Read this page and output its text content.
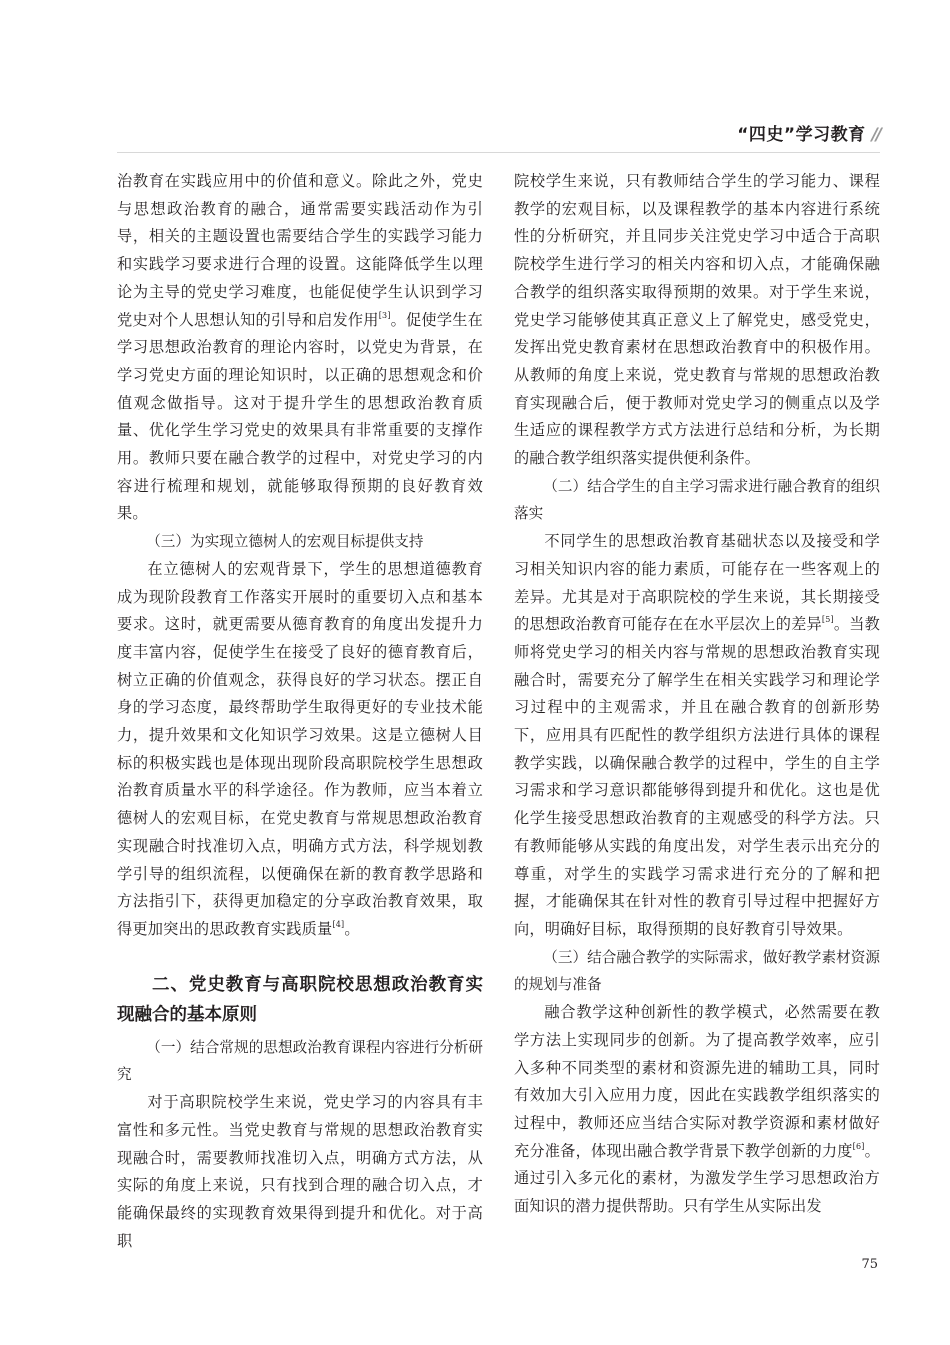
“四史”学习教育 //

治教育在实践应用中的价值和意义。除此之外，党史与思想政治教育的融合，通常需要实践活动作为引导，相关的主题设置也需要结合学生的实践学习能力和实践学习要求进行合理的设置。这能降低学生以理论为主导的党史学习难度，也能促使学生认识到学习党史对个人思想认知的引导和启发作用[3]。促使学生在学习思想政治教育的理论内容时，以党史为背景，在学习党史方面的理论知识时，以正确的思想观念和价值观念做指导。这对于提升学生的思想政治教育质量、优化学生学习党史的效果具有非常重要的支撑作用。教师只要在融合教学的过程中，对党史学习的内容进行梳理和规划，就能够取得预期的良好教育效果。

（三）为实现立德树人的宏观目标提供支持

在立德树人的宏观背景下，学生的思想道德教育成为现阶段教育工作落实开展时的重要切入点和基本要求。这时，就更需要从德育教育的角度出发提升力度丰富内容，促使学生在接受了良好的德育教育后，树立正确的价值观念，获得良好的学习状态。摆正自身的学习态度，最终帮助学生取得更好的专业技术能力，提升效果和文化知识学习效果。这是立德树人目标的积极实践也是体现出现阶段高职院校学生思想政治教育质量水平的科学途径。作为教师，应当本着立德树人的宏观目标，在党史教育与常规思想政治教育实现融合时找准切入点，明确方式方法，科学规划教学引导的组织流程，以便确保在新的教育教学思路和方法指引下，获得更加稳定的分享政治教育效果，取得更加突出的思政教育实践质量[4]。

二、党史教育与高职院校思想政治教育实现融合的基本原则

（一）结合常规的思想政治教育课程内容进行分析研究

对于高职院校学生来说，党史学习的内容具有丰富性和多元性。当党史教育与常规的思想政治教育实现融合时，需要教师找准切入点，明确方式方法，从实际的角度上来说，只有找到合理的融合切入点，才能确保最终的实现教育效果得到提升和优化。对于高职

院校学生来说，只有教师结合学生的学习能力、课程教学的宏观目标，以及课程教学的基本内容进行系统性的分析研究，并且同步关注党史学习中适合于高职院校学生进行学习的相关内容和切入点，才能确保融合教学的组织落实取得预期的效果。对于学生来说，党史学习能够使其真正意义上了解党史，感受党史，发挥出党史教育素材在思想政治教育中的积极作用。从教师的角度上来说，党史教育与常规的思想政治教育实现融合后，便于教师对党史学习的侧重点以及学生适应的课程教学方式方法进行总结和分析，为长期的融合教学组织落实提供便利条件。

（二）结合学生的自主学习需求进行融合教育的组织落实

不同学生的思想政治教育基础状态以及接受和学习相关知识内容的能力素质，可能存在一些客观上的差异。尤其是对于高职院校的学生来说，其长期接受的思想政治教育可能存在在水平层次上的差异[5]。当教师将党史学习的相关内容与常规的思想政治教育实现融合时，需要充分了解学生在相关实践学习和理论学习过程中的主观需求，并且在融合教育的创新形势下，应用具有匹配性的教学组织方法进行具体的课程教学实践，以确保融合教学的过程中，学生的自主学习需求和学习意识都能够得到提升和优化。这也是优化学生接受思想政治教育的主观感受的科学方法。只有教师能够从实践的角度出发，对学生表示出充分的尊重，对学生的实践学习需求进行充分的了解和把握，才能确保其在针对性的教育引导过程中把握好方向，明确好目标，取得预期的良好教育引导效果。

（三）结合融合教学的实际需求，做好教学素材资源的规划与准备

融合教学这种创新性的教学模式，必然需要在教学方法上实现同步的创新。为了提高教学效率，应引入多种不同类型的素材和资源先进的辅助工具，同时有效加大引入应用力度，因此在实践教学组织落实的过程中，教师还应当结合实际对教学资源和素材做好充分准备，体现出融合教学背景下教学创新的力度[6]。通过引入多元化的素材，为激发学生学习思想政治方面知识的潜力提供帮助。只有学生从实际出发

75
